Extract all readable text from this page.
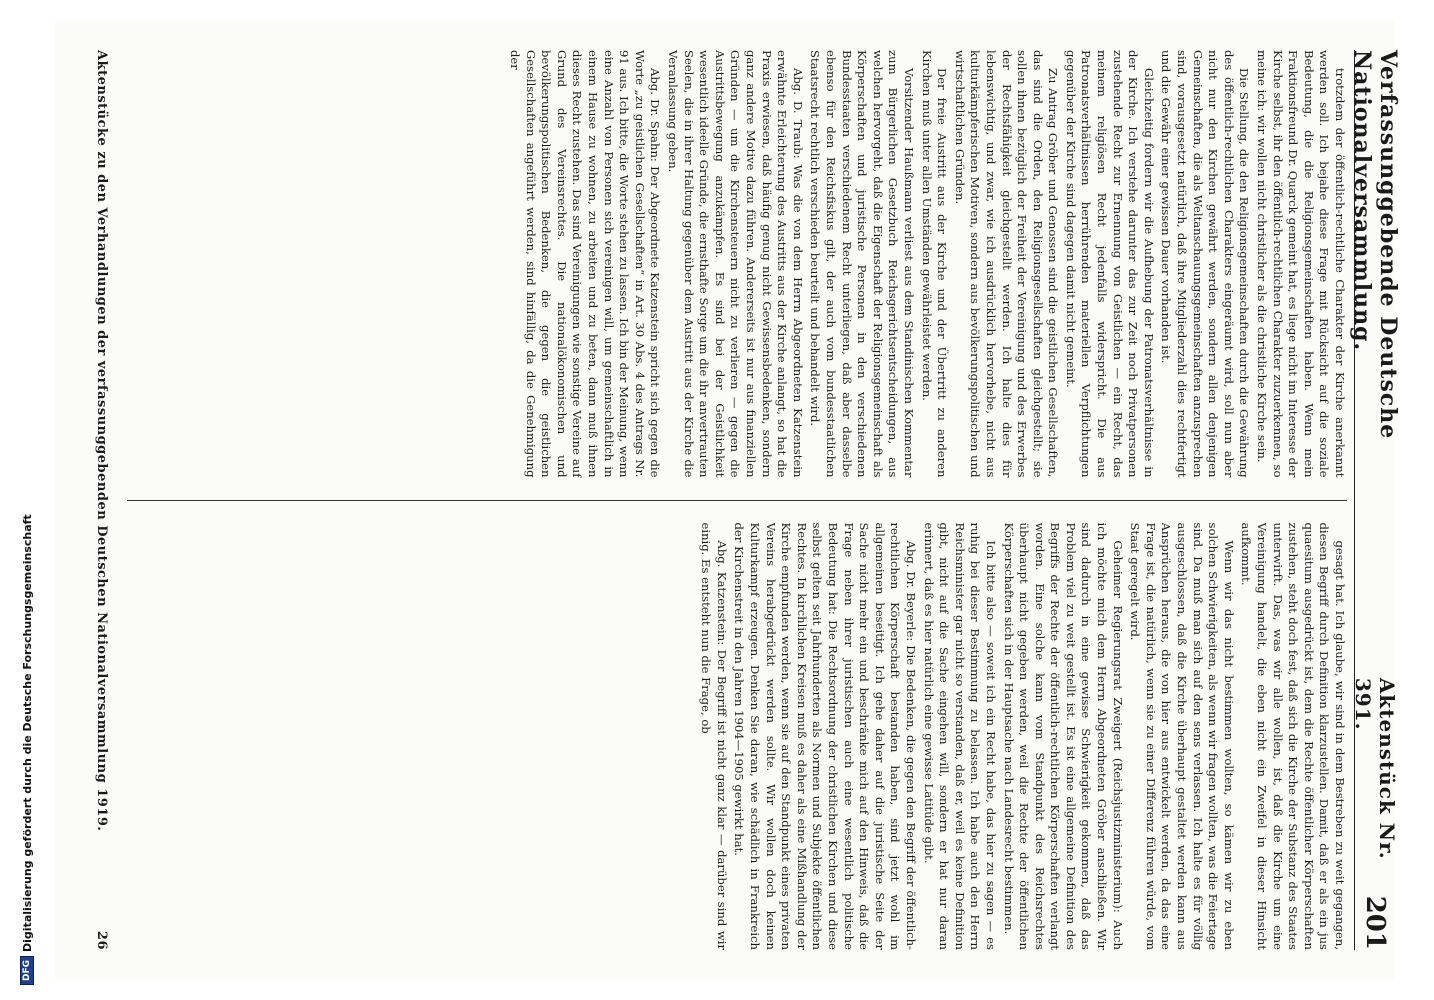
Verfassunggebende Deutsche Nationalversammlung.
Aktenstück Nr. 391.
201

trotzdem der öffentlich-rechtliche Charakter der Kirche anerkannt werden soll. Ich bejahe diese Frage mit Rücksicht auf die soziale Bedeutung, die die Religionsgemeinschaften haben. Wenn mein Fraktionsfreund Dr. Quarck gemeint hat, es liege nicht im Interesse der Kirche selbst, ihr den öffentlich-rechtlichen Charakter zuzuerkennen, so meine ich: wir wollen nicht christlicher als die christliche Kirche sein.

Die Stellung, die den Religionsgemeinschaften durch die Gewährung des öffentlich-rechtlichen Charakters eingeräumt wird, soll nun aber nicht nur den Kirchen gewährt werden, sondern allen denjenigen Gemeinschaften, die als Weltanschauungsgemeinschaften anzusprechen sind, vorausgesetzt natürlich, daß ihre Mitgliederzahl dies rechtfertigt und die Gewähr einer gewissen Dauer vorhanden ist.

Gleichzeitig fordern wir die Aufhebung der Patronatsverhältnisse in der Kirche. Ich verstehe darunter das zur Zeit noch Privatpersonen zustehende Recht zur Ernennung von Geistlichen — ein Recht, das meinem religiösen Recht jedenfalls widerspricht. Die aus Patronatsverhältnissen herrührenden materiellen Verpflichtungen gegenüber der Kirche sind dagegen damit nicht gemeint.

Zu Antrag Gröber und Genossen sind die geistlichen Gesellschaften, das sind die Orden, den Religionsgesellschaften gleichgestellt; sie sollen ihnen bezüglich der Freiheit der Vereinigung und des Erwerbes der Rechtsfähigkeit gleichgestellt werden. Ich halte dies für lebenswichtig, und zwar, wie ich ausdrücklich hervorhebe, nicht aus kulturkämpferischen Motiven, sondern aus bevölkerungspolitischen und wirtschaftlichen Gründen.

Der freie Austritt aus der Kirche und der Übertritt zu anderen Kirchen muß unter allen Umständen gewährleistet werden.

Vorsitzender Haußmann verliest aus dem Standinischen Kommentar zum Bürgerlichen Gesetzbuch Reichsgerichtsentscheidungen, aus welchen hervorgeht, daß die Eigenschaft der Religionsgemeinschaft als Körperschaften und juristische Personen in den verschiedenen Bundesstaaten verschiedenem Recht unterliegen, daß aber dasselbe ebenso für den Reichsfiskus gilt, der auch vom bundesstaatlichen Staatsrecht rechtlich verschieden beurteilt und behandelt wird.

Abg. D. Traub: Was die von dem Herrn Abgeordneten Katzenstein erwähnte Erleichterung des Austritts aus der Kirche anlangt, so hat die Praxis erwiesen, daß häufig genug nicht Gewissensbedenken, sondern ganz andere Motive dazu führen. Andererseits ist nur aus finanziellen Gründen — um die Kirchensteuern nicht zu verlieren — gegen die Austrittsbewegung anzukämpfen. Es sind bei der Geistlichkeit wesentlich ideelle Gründe, die ernsthafte Sorge um die ihr anvertrauten Seelen, die in ihrer Haltung gegenüber dem Austritt aus der Kirche die Veranlassung geben.

Abg. Dr. Spahn: Der Abgeordnete Katzenstein spricht sich gegen die Worte „zu geistlichen Gesellschaften“ in Art. 30 Abs. 4 des Antrags Nr. 91 aus. Ich bitte, die Worte stehen zu lassen. Ich bin der Meinung, wenn eine Anzahl von Personen sich vereinigen will, um gemeinschaftlich in einem Hause zu wohnen, zu arbeiten und zu beten, dann muß ihnen dieses Recht zustehen. Das sind Vereinigungen wie sonstige Vereine auf Grund des Vereinsrechtes. Die nationalökonomischen und bevölkerungspolitischen Bedenken, die gegen die geistlichen Gesellschaften angeführt werden, sind hinfällig, da die Genehmigung der

gesagt hat. Ich glaube, wir sind in dem Bestreben zu weit gegangen, diesen Begriff durch Definition klarzustellen. Damit, daß er als ein jus quaesitum ausgedrückt ist, dem die Rechte öffentlicher Körperschaften zustehen, steht doch fest, daß sich die Kirche der Substanz des Staates unterwirft. Das, was wir alle wollen, ist, daß die Kirche um eine Vereinigung handelt, die eben nicht ein Zweifel in dieser Hinsicht aufkommt.

Wenn wir das nicht bestimmen wollten, so kämen wir zu eben solchen Schwierigkeiten, als wenn wir fragen wollten, was die Feiertage sind. Da muß man sich auf den sens verlassen. Ich halte es für völlig ausgeschlossen, daß die Kirche überhaupt gestaltet werden kann aus Ansprüchen heraus, die von hier aus entwickelt werden, da das eine Frage ist, die natürlich, wenn sie zu einer Differenz führen würde, vom Staat geregelt wird.

Geheimer Regierungsrat Zweigert (Reichsjustizministerium): Auch ich möchte mich dem Herrn Abgeordneten Gröber anschließen. Wir sind dadurch in eine gewisse Schwierigkeit gekommen, daß das Problem viel zu weit gestellt ist. Es ist eine allgemeine Definition des Begriffs der Rechte der öffentlich-rechtlichen Körperschaften verlangt worden. Eine solche kann vom Standpunkt des Reichsrechtes überhaupt nicht gegeben werden, weil die Rechte der öffentlichen Körperschaften sich in der Hauptsache nach Landesrecht bestimmen.

Ich bitte also — soweit ich ein Recht habe, das hier zu sagen — es ruhig bei dieser Bestimmung zu belassen. Ich habe auch den Herrn Reichsminister gar nicht so verstanden, daß er, weil es keine Definition gibt, nicht auf die Sache eingehen will, sondern er hat nur daran erinnert, daß es hier natürlich eine gewisse Latitüde gibt.

Abg. Dr. Beyerle: Die Bedenken, die gegen den Begriff der öffentlich-rechtlichen Körperschaft bestanden haben, sind jetzt wohl im allgemeinen beseitigt. Ich gehe daher auf die juristische Seite der Sache nicht mehr ein und beschränke mich auf den Hinweis, daß die Frage neben ihrer juristischen auch eine wesentlich politische Bedeutung hat: Die Rechtsordnung der christlichen Kirchen und diese selbst gelten seit Jahrhunderten als Normen und Subjekte öffentlichen Rechtes. In kirchlichen Kreisen muß es daher als eine Mißhandlung der Kirche empfunden werden, wenn sie auf den Standpunkt eines privaten Vereins herabgedrückt werden sollte. Wir wollen doch keinen Kulturkampf erzeugen. Denken Sie daran, wie schädlich in Frankreich der Kirchenstreit in den Jahren 1904—1905 gewirkt hat.

Abg. Katzenstein: Der Begriff ist nicht ganz klar — darüber sind wir einig. Es entsteht nun die Frage, ob

Aktenstücke zu den Verhandlungen der verfassunggebenden Deutschen Nationalversammlung 1919.
26
DFG
Digitalisierung gefördert durch die Deutsche Forschungsgemeinschaft
